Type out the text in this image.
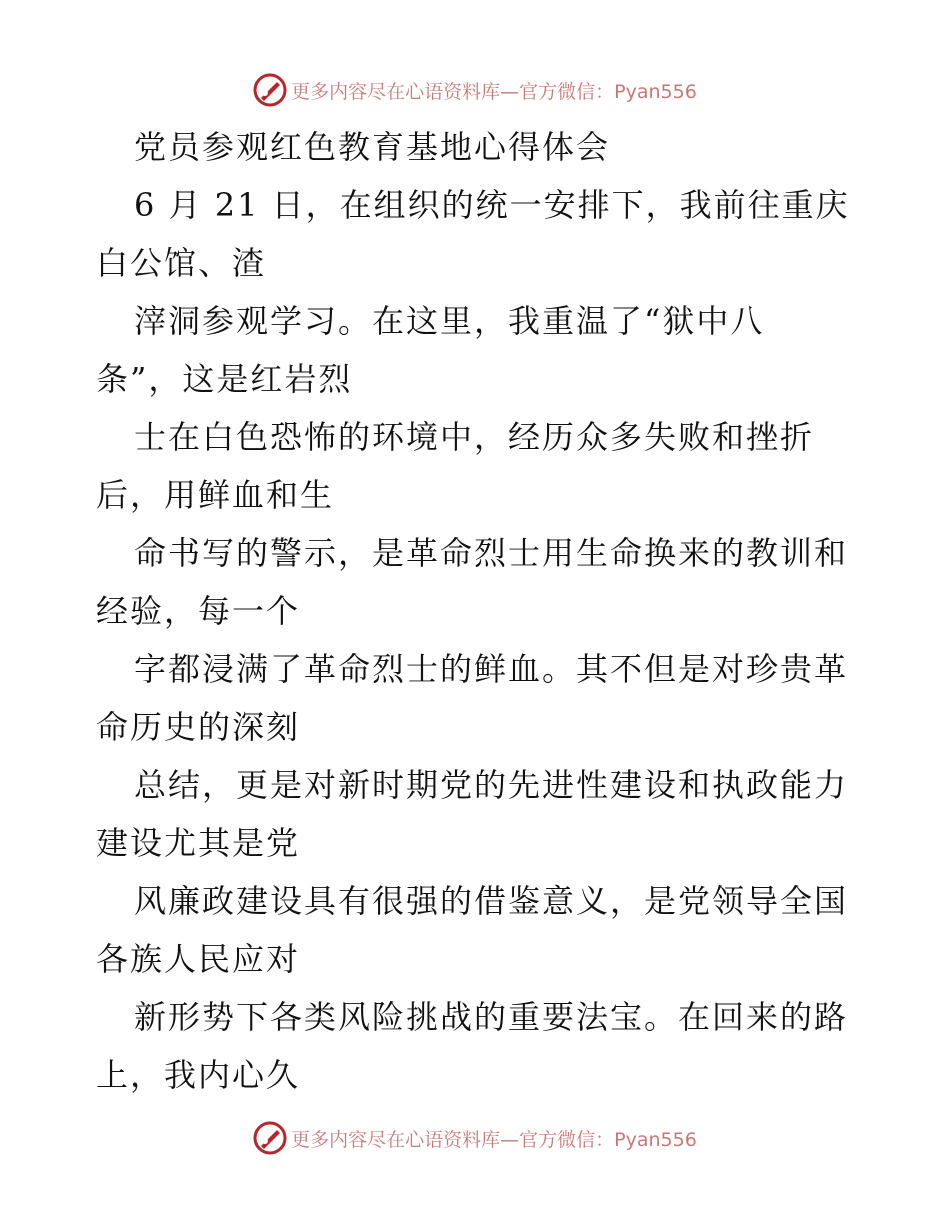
更多内容尽在心语资料库—官方微信：Pyan556
党员参观红色教育基地心得体会
6 月 21 日，在组织的统一安排下，我前往重庆
白公馆、渣
滓洞参观学习。在这里，我重温了“狱中八
条”，这是红岩烈
士在白色恐怖的环境中，经历众多失败和挫折
后，用鲜血和生
命书写的警示，是革命烈士用生命换来的教训和
经验，每一个
字都浸满了革命烈士的鲜血。其不但是对珍贵革
命历史的深刻
总结，更是对新时期党的先进性建设和执政能力
建设尤其是党
风廉政建设具有很强的借鉴意义，是党领导全国
各族人民应对
新形势下各类风险挑战的重要法宝。在回来的路
上，我内心久
更多内容尽在心语资料库—官方微信：Pyan556
